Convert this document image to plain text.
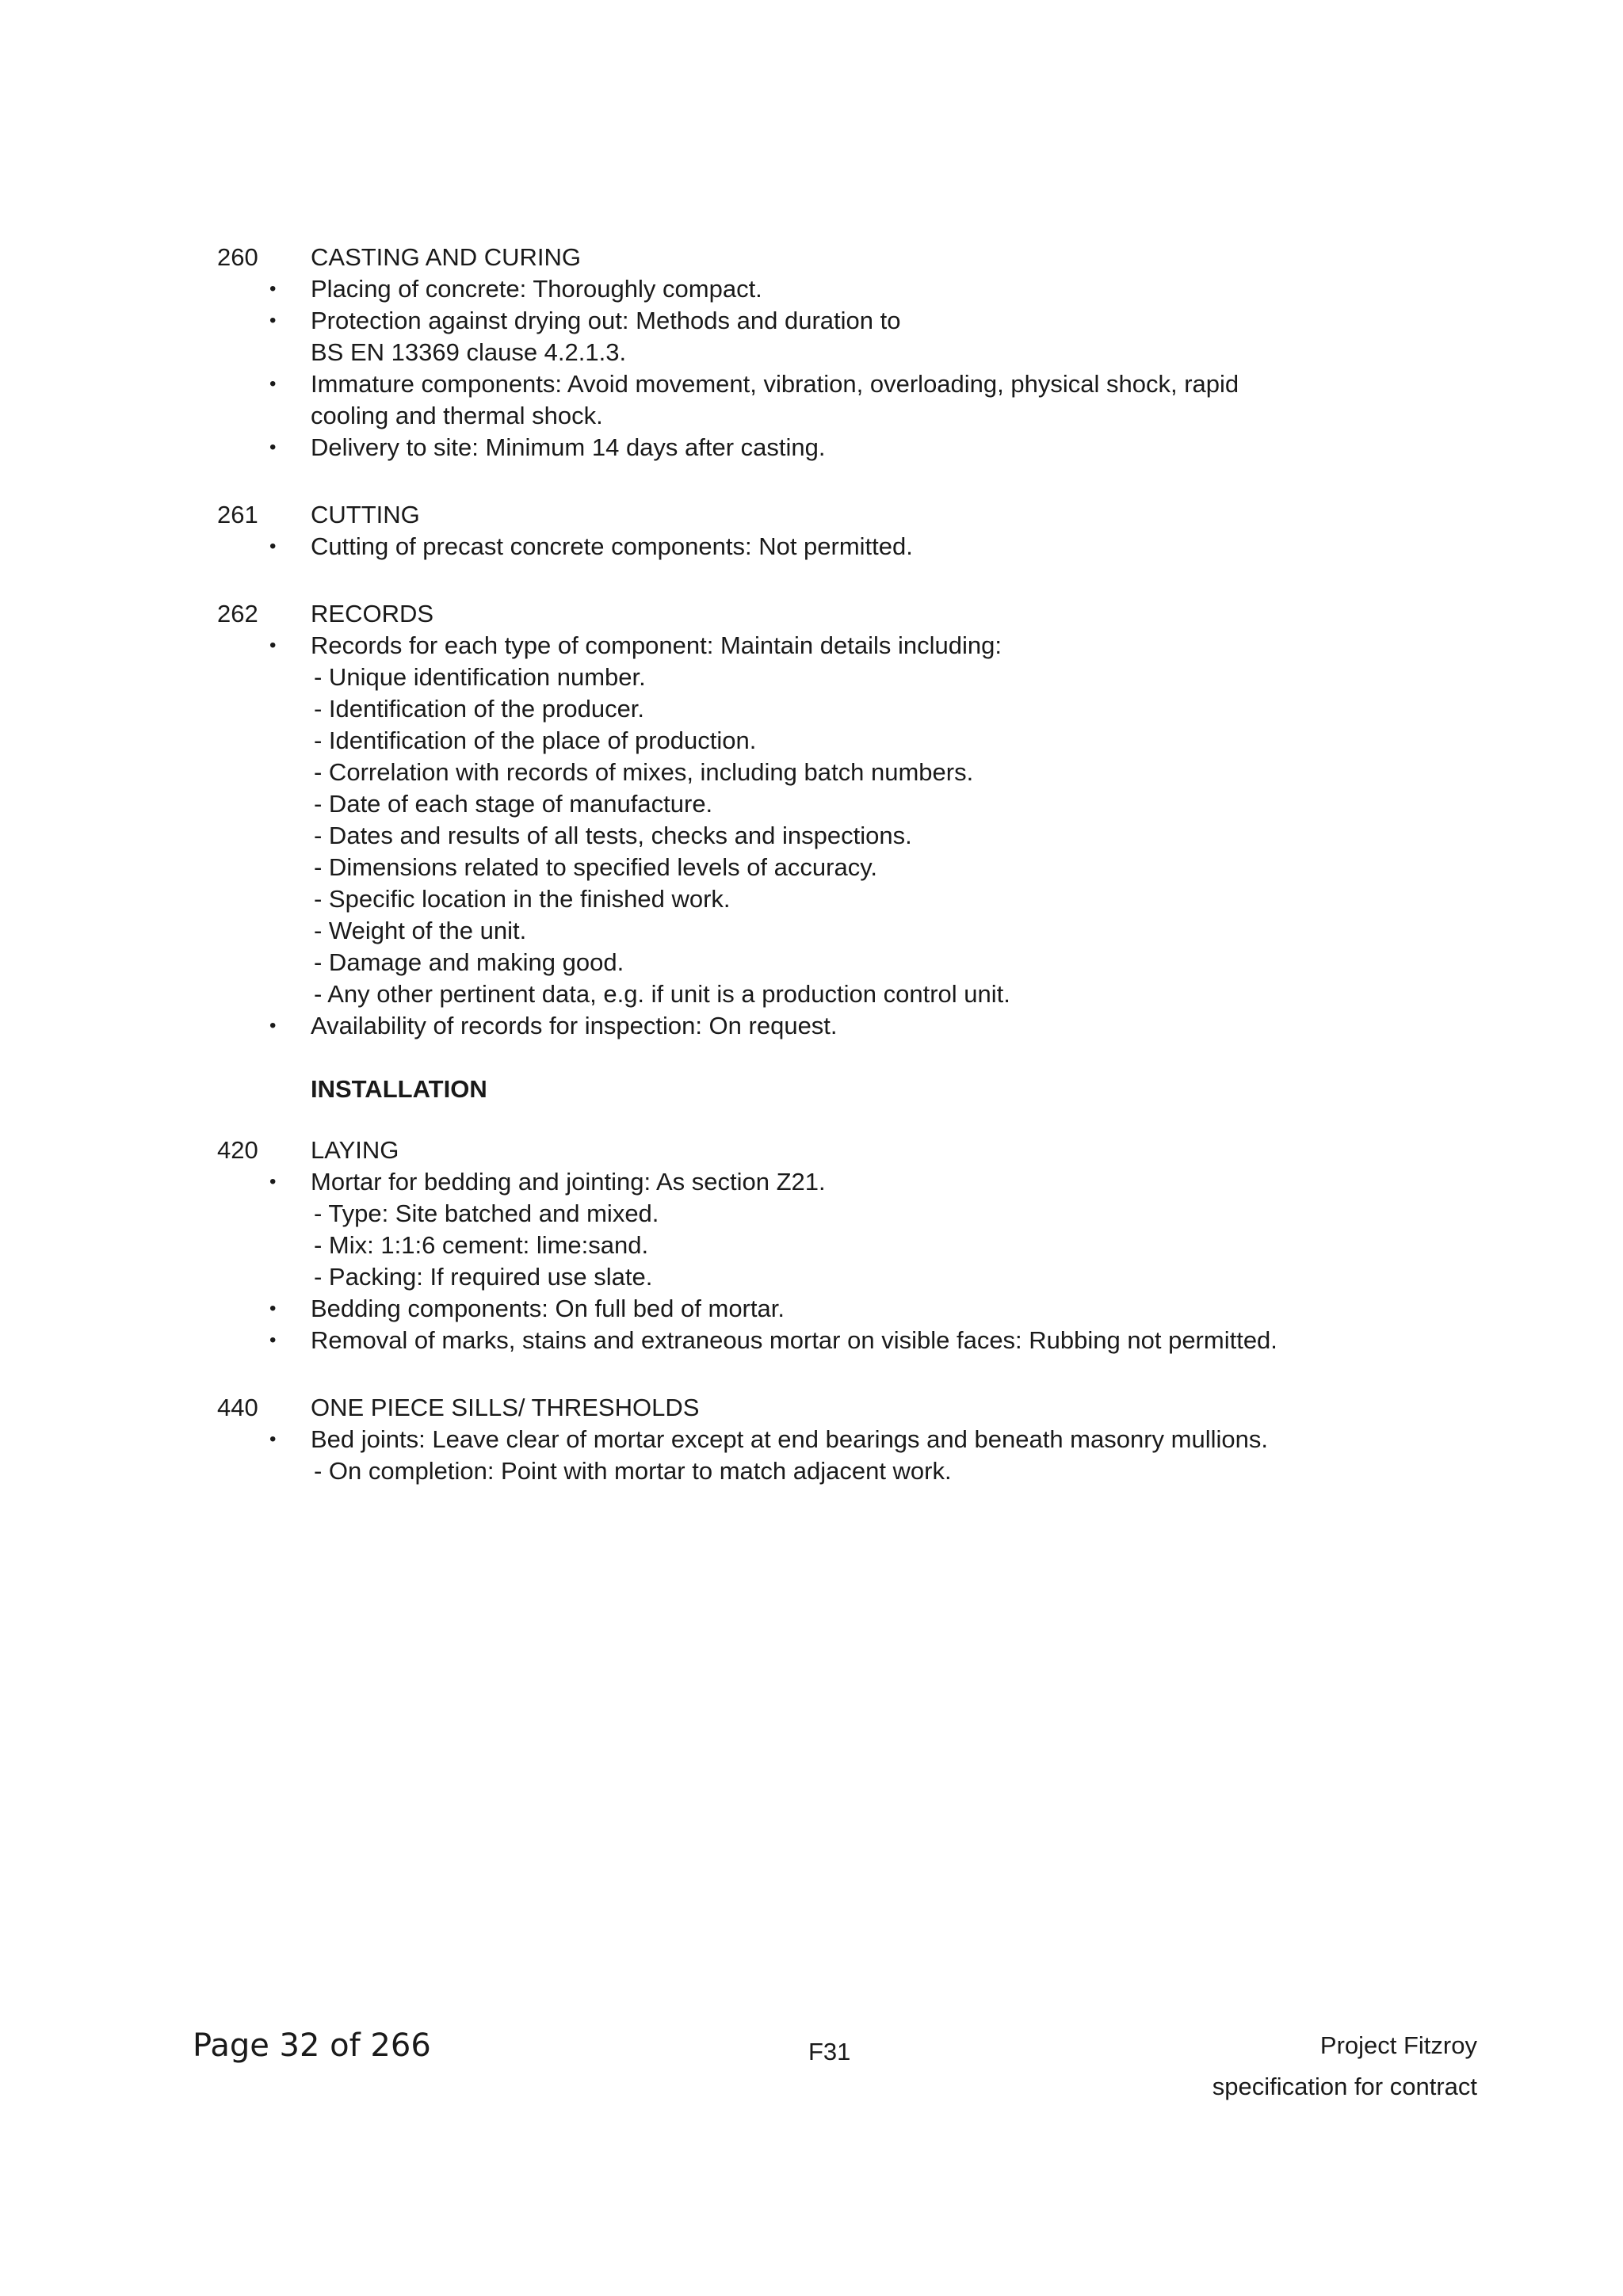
260 CASTING AND CURING
• Placing of concrete: Thoroughly compact.
• Protection against drying out: Methods and duration to
BS EN 13369 clause 4.2.1.3.
• Immature components: Avoid movement, vibration, overloading, physical shock, rapid
cooling and thermal shock.
• Delivery to site: Minimum 14 days after casting.
261 CUTTING
• Cutting of precast concrete components: Not permitted.
262 RECORDS
• Records for each type of component: Maintain details including:
- Unique identification number.
- Identification of the producer.
- Identification of the place of production.
- Correlation with records of mixes, including batch numbers.
- Date of each stage of manufacture.
- Dates and results of all tests, checks and inspections.
- Dimensions related to specified levels of accuracy.
- Specific location in the finished work.
- Weight of the unit.
- Damage and making good.
- Any other pertinent data, e.g. if unit is a production control unit.
• Availability of records for inspection: On request.
INSTALLATION
420 LAYING
• Mortar for bedding and jointing: As section Z21.
- Type: Site batched and mixed.
- Mix: 1:1:6 cement: lime:sand.
- Packing: If required use slate.
• Bedding components: On full bed of mortar.
• Removal of marks, stains and extraneous mortar on visible faces: Rubbing not permitted.
440 ONE PIECE SILLS/ THRESHOLDS
• Bed joints: Leave clear of mortar except at end bearings and beneath masonry mullions.
- On completion: Point with mortar to match adjacent work.
Page 32 of 266	F31	Project Fitzroy
specification for contract
